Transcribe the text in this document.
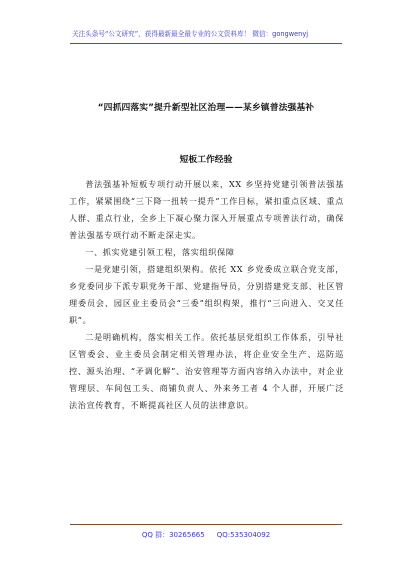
关注头条号“公文研究”，获得最新最全最专业的公文资料库！ 微信：gongwenyj
“四抓四落实”提升新型社区治理——某乡镇普法强基补
短板工作经验

普法强基补短板专项行动开展以来，XX 乡坚持党建引领普法强基工作，紧紧围绕“三下降一扭转一提升”工作目标，紧扣重点区域、重点人群、重点行业，全乡上下凝心聚力深入开展重点专项普法行动，确保普法强基专项行动不断走深走实。

一、抓实党建引领工程，落实组织保障

一是党建引领，搭建组织架构。依托 XX 乡党委成立联合党支部，乡党委同步下派专职党务干部、党建指导员，分别搭建党支部、社区管理委员会、园区业主委员会“三委”组织构架，推行“三向进入、交叉任职”。

二是明确机构，落实相关工作。依托基层党组织工作体系，引导社区管委会、业主委员会制定相关管理办法，将企业安全生产、巡防巡控、源头治理、“矛调化解”、治安管理等方面内容纳入办法中，对企业管理层、车间包工头、商铺负责人、外来务工者 4 个人群，开展广泛法治宣传教育，不断提高社区人员的法律意识。

QQ 群：30265665 QQ:535304092
